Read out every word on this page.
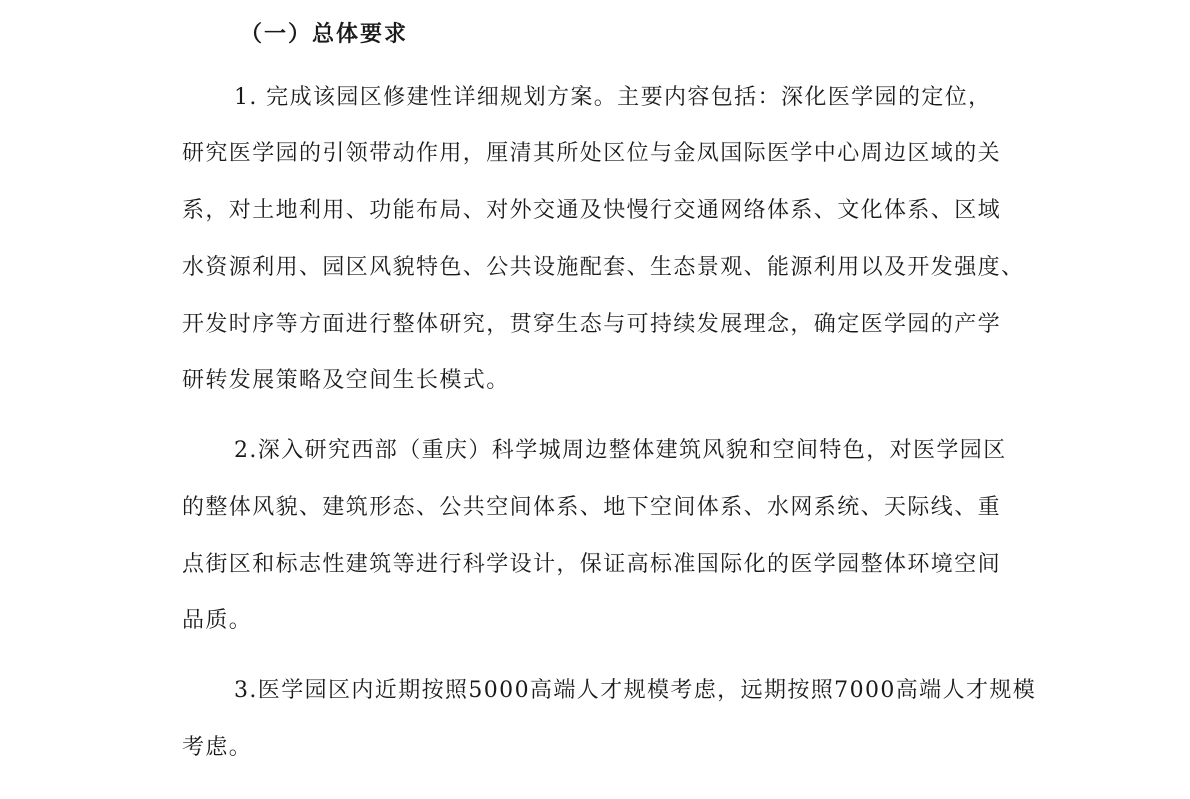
（一）总体要求
1. 完成该园区修建性详细规划方案。主要内容包括：深化医学园的定位，
研究医学园的引领带动作用，厘清其所处区位与金凤国际医学中心周边区域的关
系，对土地利用、功能布局、对外交通及快慢行交通网络体系、文化体系、区域
水资源利用、园区风貌特色、公共设施配套、生态景观、能源利用以及开发强度、
开发时序等方面进行整体研究，贯穿生态与可持续发展理念，确定医学园的产学
研转发展策略及空间生长模式。
2.深入研究西部（重庆）科学城周边整体建筑风貌和空间特色，对医学园区
的整体风貌、建筑形态、公共空间体系、地下空间体系、水网系统、天际线、重
点街区和标志性建筑等进行科学设计，保证高标准国际化的医学园整体环境空间
品质。
3.医学园区内近期按照5000高端人才规模考虑，远期按照7000高端人才规模
考虑。
